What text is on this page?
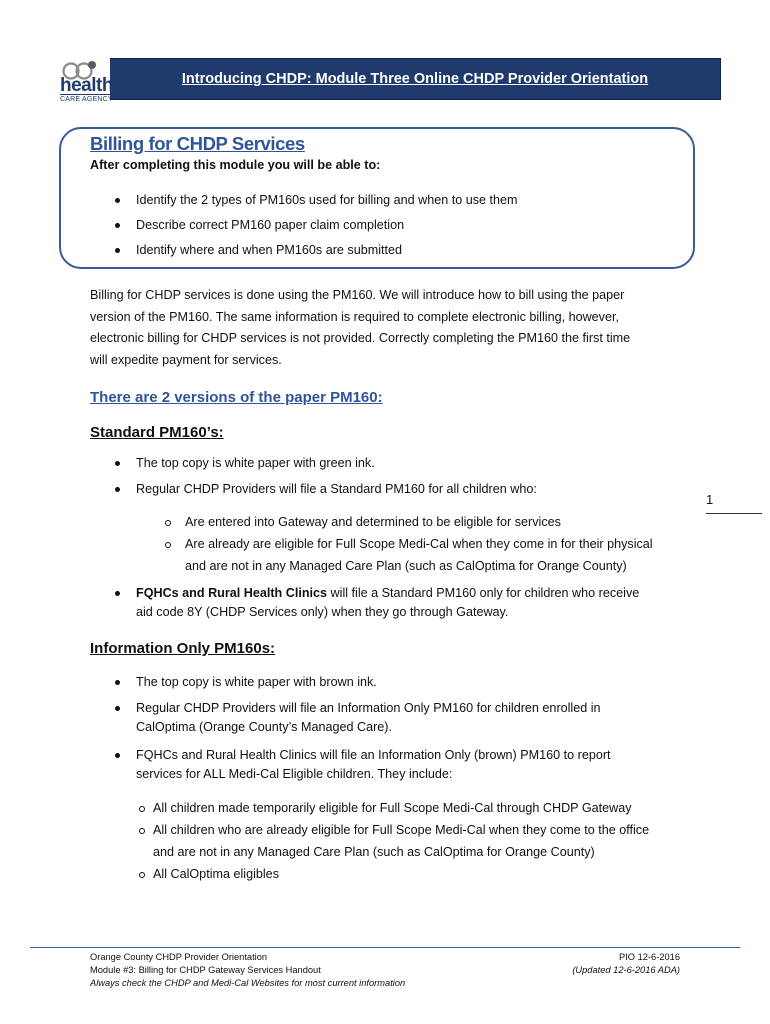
health
CARE AGENCY
Introducing CHDP: Module Three Online CHDP Provider Orientation
Billing for CHDP Services
After completing this module you will be able to:
Identify the 2 types of PM160s used for billing and when to use them
Describe correct PM160 paper claim completion
Identify where and when PM160s are submitted
Billing for CHDP services is done using the PM160. We will introduce how to bill using the paper
version of the PM160. The same information is required to complete electronic billing, however,
electronic billing for CHDP services is not provided. Correctly completing the PM160 the first time
will expedite payment for services.
There are 2 versions of the paper PM160:
Standard PM160’s:
The top copy is white paper with green ink.
Regular CHDP Providers will file a Standard PM160 for all children who:
Are entered into Gateway and determined to be eligible for services
Are already are eligible for Full Scope Medi-Cal when they come in for their physical
and are not in any Managed Care Plan (such as CalOptima for Orange County)
FQHCs and Rural Health Clinics will file a Standard PM160 only for children who receive
aid code 8Y (CHDP Services only) when they go through Gateway.
1
Information Only PM160s:
The top copy is white paper with brown ink.
Regular CHDP Providers will file an Information Only PM160 for children enrolled in
CalOptima (Orange County’s Managed Care).
FQHCs and Rural Health Clinics will file an Information Only (brown) PM160 to report
services for ALL Medi-Cal Eligible children. They include:
All children made temporarily eligible for Full Scope Medi-Cal through CHDP Gateway
All children who are already eligible for Full Scope Medi-Cal when they come to the office
and are not in any Managed Care Plan (such as CalOptima for Orange County)
All CalOptima eligibles
Orange County CHDP Provider Orientation
Module #3: Billing for CHDP Gateway Services Handout
Always check the CHDP and Medi-Cal Websites for most current information
PIO 12-6-2016
(Updated 12-6-2016 ADA)
